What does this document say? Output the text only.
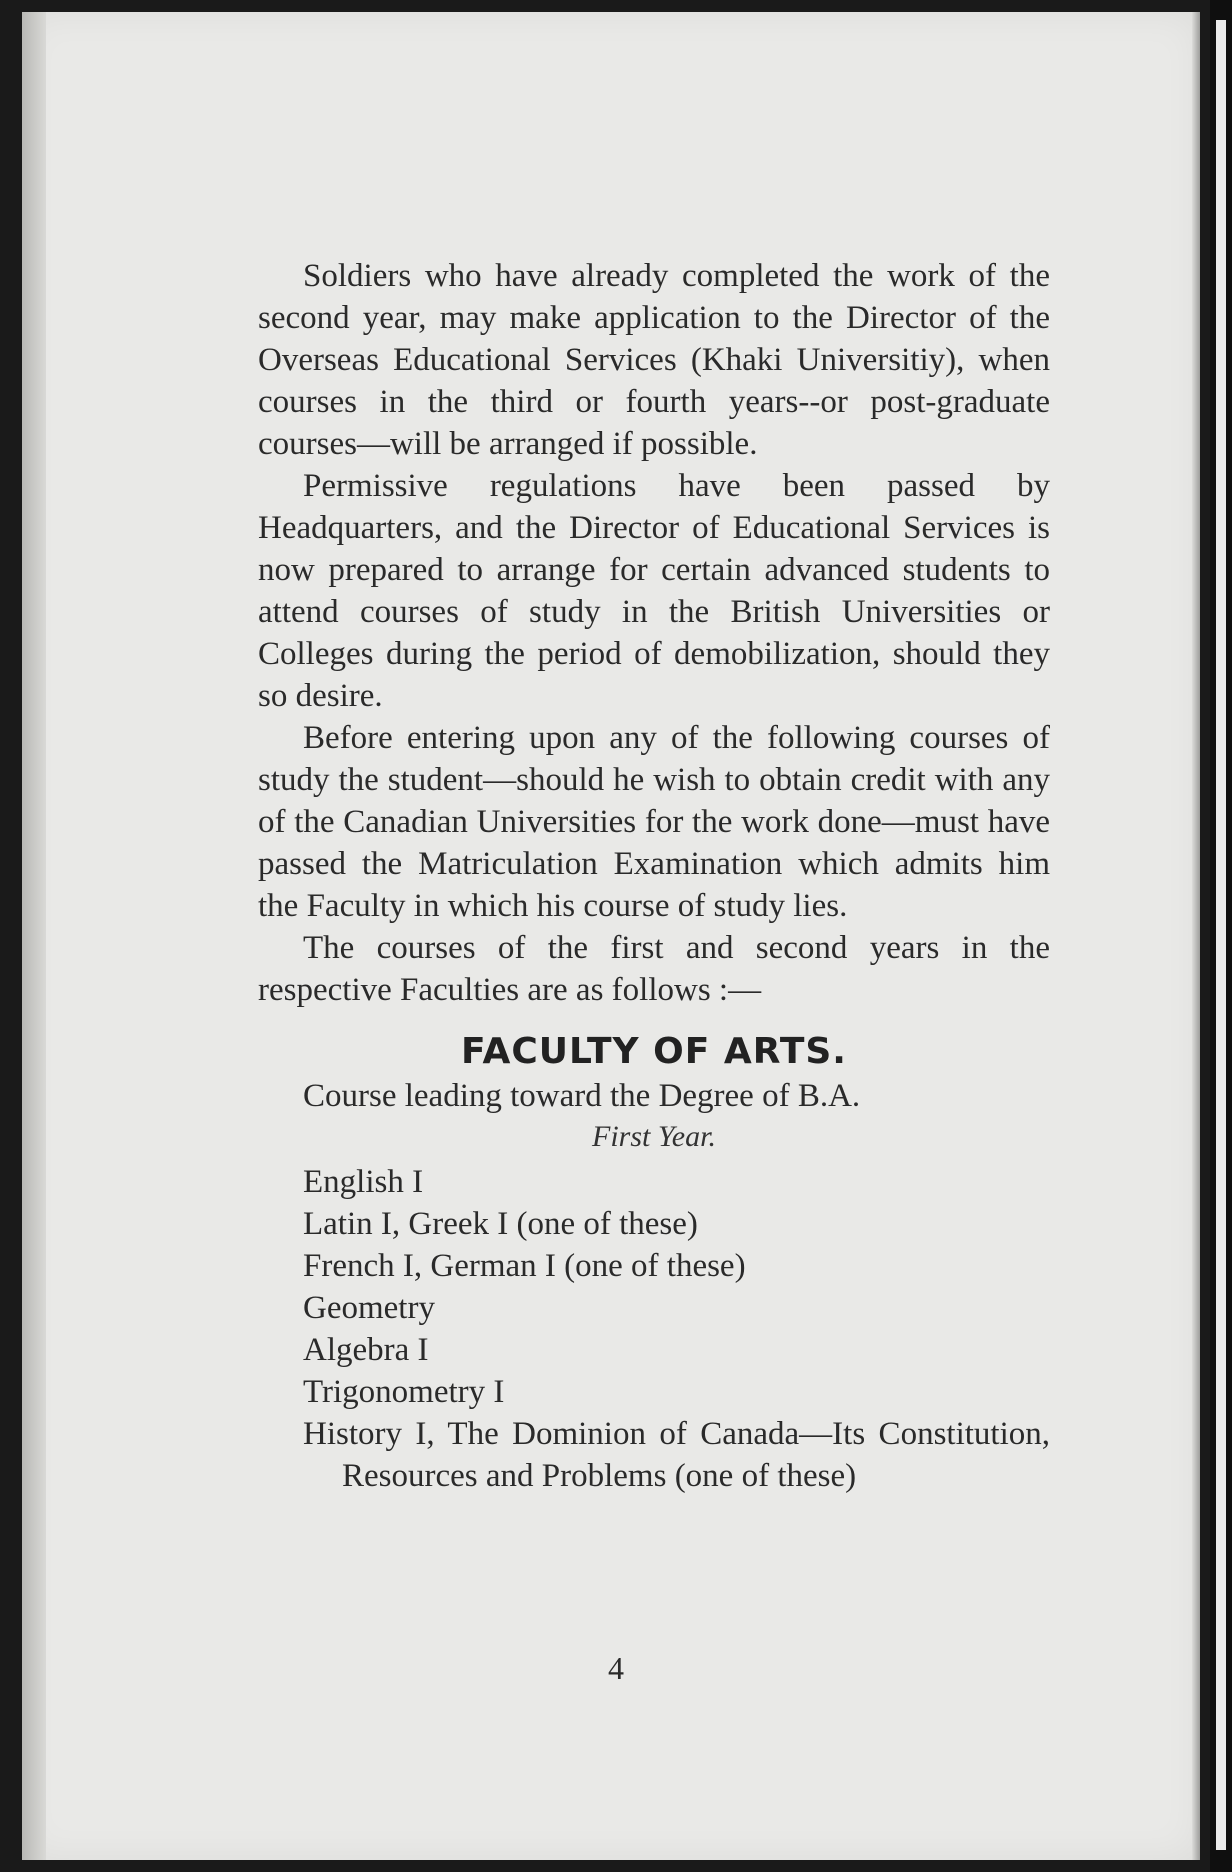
Soldiers who have already completed the work of the second year, may make application to the Director of the Overseas Educational Services (Khaki Universitiy), when courses in the third or fourth years--or post-graduate courses—will be arranged if possible.

Permissive regulations have been passed by Headquarters, and the Director of Educational Services is now prepared to arrange for certain advanced students to attend courses of study in the British Universities or Colleges during the period of demobilization, should they so desire.

Before entering upon any of the following courses of study the student—should he wish to obtain credit with any of the Canadian Universities for the work done—must have passed the Matriculation Examination which admits him the Faculty in which his course of study lies.

The courses of the first and second years in the respective Faculties are as follows :—

FACULTY OF ARTS.

Course leading toward the Degree of B.A.

First Year.

English I
Latin I, Greek I (one of these)
French I, German I (one of these)
Geometry
Algebra I
Trigonometry I
History I, The Dominion of Canada—Its Constitution, Resources and Problems (one of these)
4
